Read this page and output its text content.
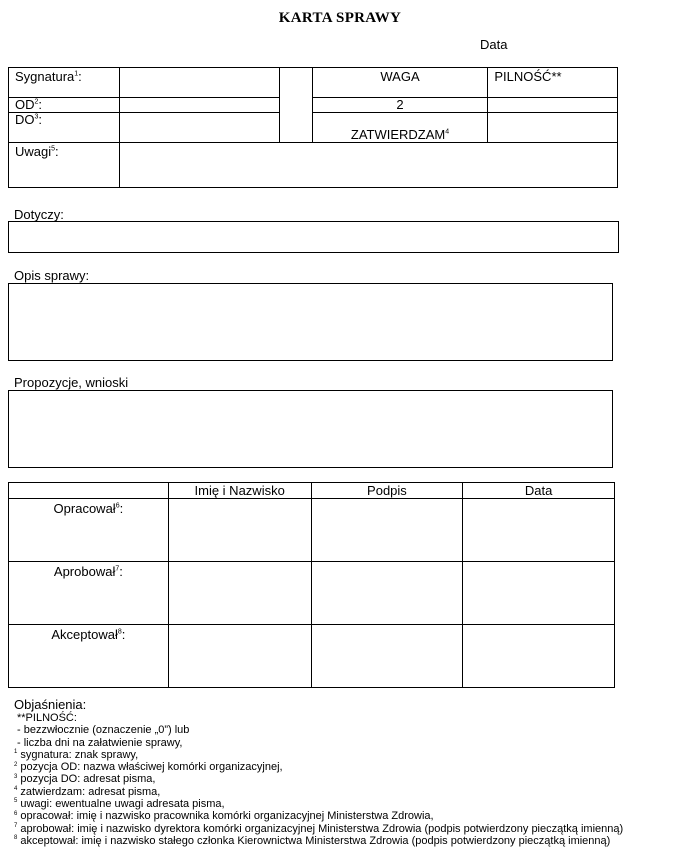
KARTA SPRAWY
Data
Sygnatura$^1$:			WAGA	PILNOŚĆ**
$OD^2$:			2	
$DO^3$:			ZATWIERDZAM$^4$	
Uwagi$^5$:				
Dotyczy:
Opis sprawy:
Propozycje, wnioski
	Imię i Nazwisko	Podpis	Data
Opracował$^6$:			
Aprobował$^7$:			
Akceptował$^8$:			
Objaśnienia:
**PILNOŚĆ:
- bezzwłocznie (oznaczenie „0”) lub
- liczba dni na załatwienie sprawy,
$^1$ sygnatura: znak sprawy,
$^2$ pozycja OD: nazwa właściwej komórki organizacyjnej,
$^3$ pozycja DO: adresat pisma,
$^4$ zatwierdzam: adresat pisma,
$^5$ uwagi: ewentualne uwagi adresata pisma,
$^6$ opracował: imię i nazwisko pracownika komórki organizacyjnej Ministerstwa Zdrowia,
$^7$ aprobował: imię i nazwisko dyrektora komórki organizacyjnej Ministerstwa Zdrowia (podpis potwierdzony pieczątką imienną)
$^8$ akceptował: imię i nazwisko stałego członka Kierownictwa Ministerstwa Zdrowia (podpis potwierdzony pieczątką imienną)
